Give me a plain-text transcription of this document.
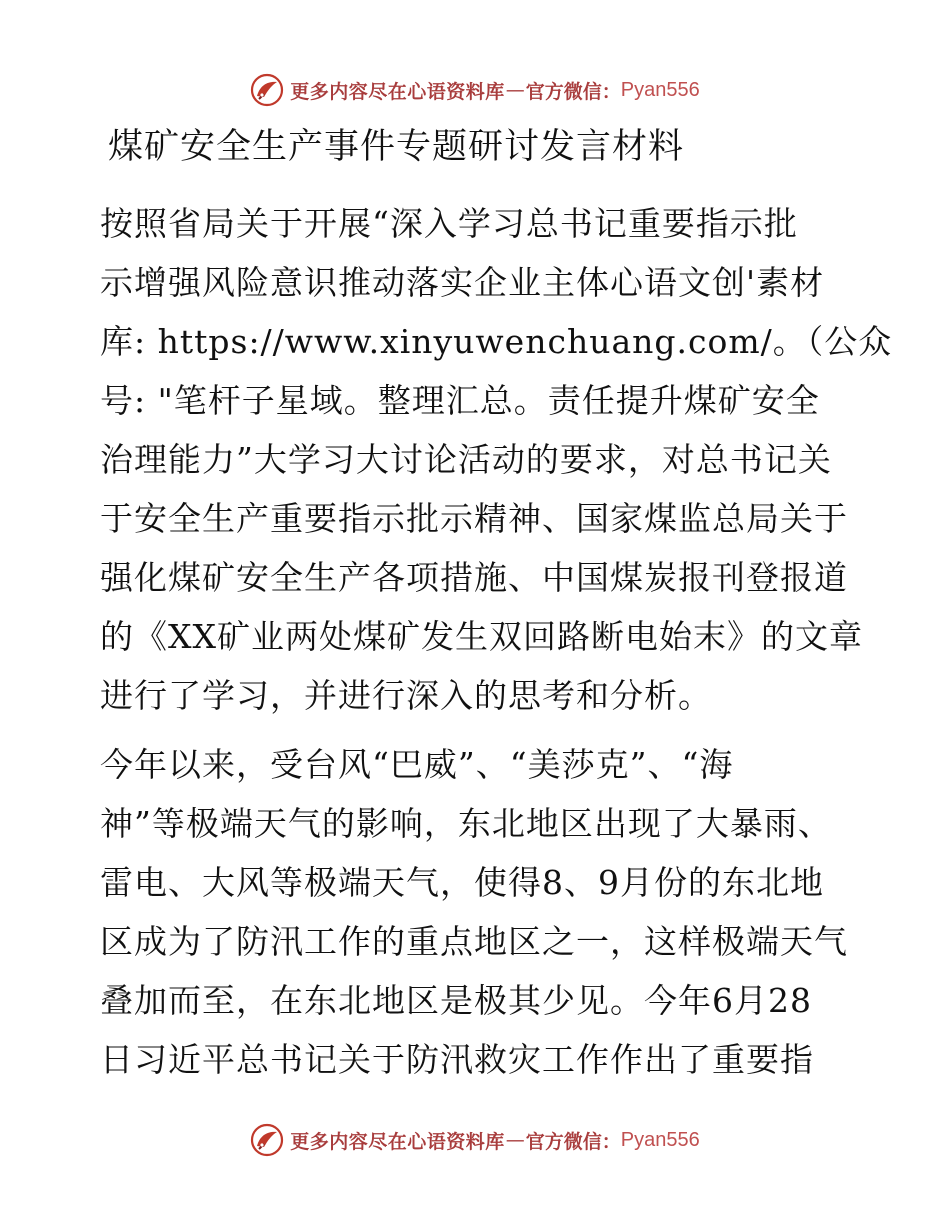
更多内容尽在心语资料库 — 官方微信： Pyan556
煤矿安全生产事件专题研讨发言材料
按照省局关于开展“深入学习总书记重要指示批
示增强风险意识推动落实企业主体心语文创'素材
库: https://www.xinyuwenchuang.com/。（公众
号: "笔杆子星域。整理汇总。责任提升煤矿安全
治理能力”大学习大讨论活动的要求，对总书记关
于安全生产重要指示批示精神、国家煤监总局关于
强化煤矿安全生产各项措施、中国煤炭报刊登报道
的《XX矿业两处煤矿发生双回路断电始末》的文章
进行了学习，并进行深入的思考和分析。
今年以来，受台风“巴威”、“美莎克”、“海
神”等极端天气的影响，东北地区出现了大暴雨、
雷电、大风等极端天气，使得8、9月份的东北地
区成为了防汛工作的重点地区之一，这样极端天气
叠加而至，在东北地区是极其少见。今年6月28
日习近平总书记关于防汛救灾工作作出了重要指
更多内容尽在心语资料库 — 官方微信： Pyan556
